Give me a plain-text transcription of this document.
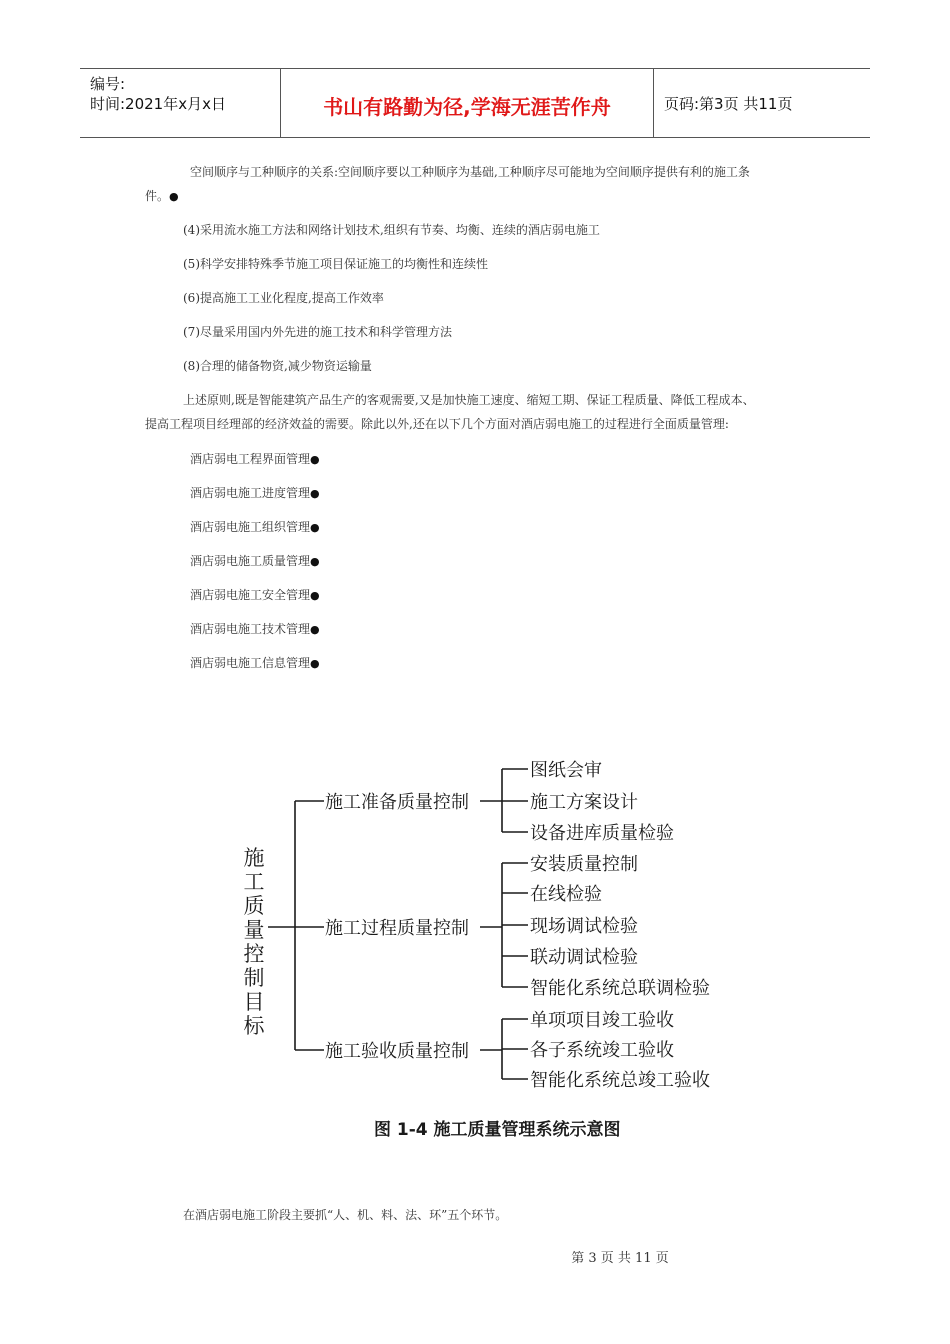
编号:
时间:2021年x月x日	书山有路勤为径,学海无涯苦作舟	页码:第3页 共11页
空间顺序与工种顺序的关系:空间顺序要以工种顺序为基础,工种顺序尽可能地为空间顺序提供有利的施工条
件。●
(4)采用流水施工方法和网络计划技术,组织有节奏、均衡、连续的酒店弱电施工
(5)科学安排特殊季节施工项目保证施工的均衡性和连续性
(6)提高施工工业化程度,提高工作效率
(7)尽量采用国内外先进的施工技术和科学管理方法
(8)合理的储备物资,减少物资运输量
上述原则,既是智能建筑产品生产的客观需要,又是加快施工速度、缩短工期、保证工程质量、降低工程成本、
提高工程项目经理部的经济效益的需要。除此以外,还在以下几个方面对酒店弱电施工的过程进行全面质量管理:
酒店弱电工程界面管理●
酒店弱电施工进度管理●
酒店弱电施工组织管理●
酒店弱电施工质量管理●
酒店弱电施工安全管理●
酒店弱电施工技术管理●
酒店弱电施工信息管理●
施
工
质
量
控
制
目
标
施工准备质量控制
施工过程质量控制
施工验收质量控制
图纸会审
施工方案设计
设备进库质量检验
安装质量控制
在线检验
现场调试检验
联动调试检验
智能化系统总联调检验
单项项目竣工验收
各子系统竣工验收
智能化系统总竣工验收
图 1-4 施工质量管理系统示意图
在酒店弱电施工阶段主要抓“人、机、料、法、环”五个环节。
第 3 页 共 11 页
